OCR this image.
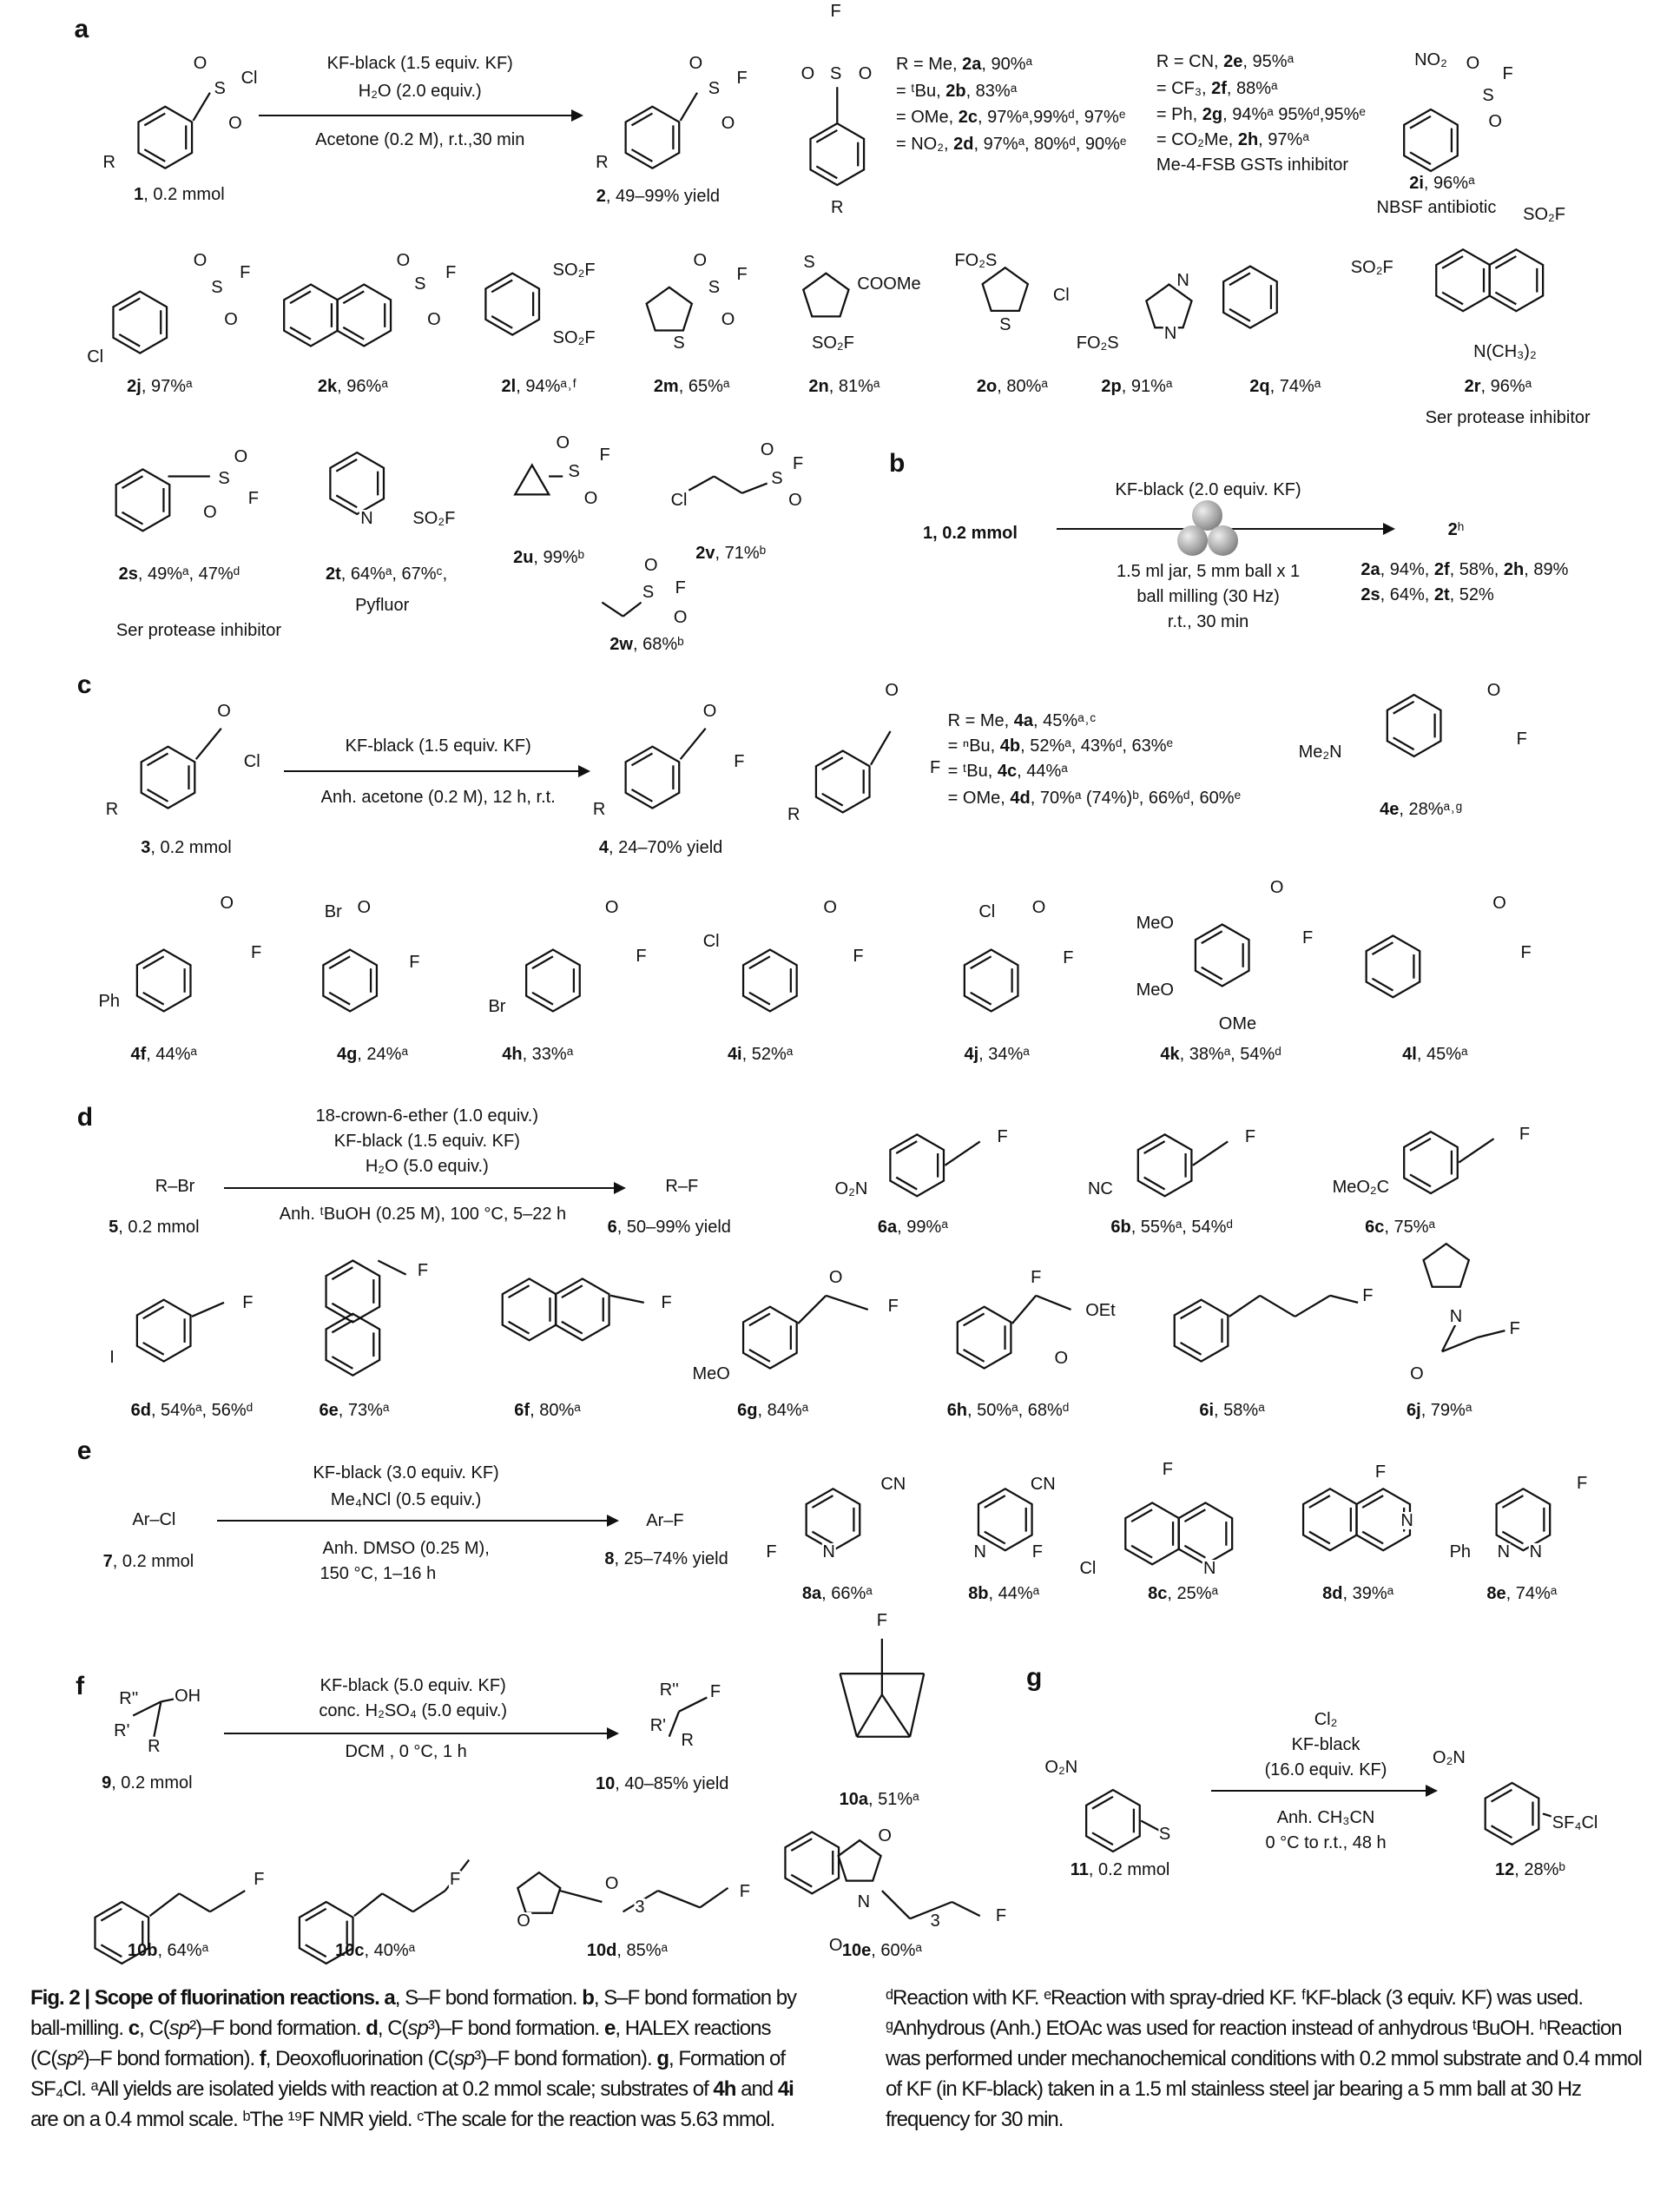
O
S
Cl
O
R
O
S
F
O
R
F
O S O
R
NO₂ O
S
F
O
O
S
F
O
Cl
O
S
F
O
SO₂F
SO₂F
O
S
F
O
S
S
COOMe
SO₂F
FO₂S
S
Cl
N
N
FO₂S
SO₂F
SO₂F
N(CH₃)₂
O
S
F
O	N SO₂F
O
S
F
O	Cl
O
S
F
O
O
S F
O
O
Cl
R
O
F
R
O
F
R
O
F
Me₂N
O
F
Ph
Br O
F
O
F
Br
Cl
O
F
Cl O
F
O
F
MeO
MeO
OMe
O
F
F
O₂N
F
NC
F
MeO₂C
F
I
F
F
O
F
MeO
F
OEt
O
F
N
F
O
CN
F	N
CN
N	F
F
N
Cl
F
N
F
N
N
Ph
R'' OH
R'
R
R'' F
R'
R
F
F	F
O
O
3
F
O
N
O
3	F
O₂N
S
O₂N
SF₄Cl
a
1, 0.2 mmol
KF-black (1.5 equiv. KF)
H₂O (2.0 equiv.)
Acetone (0.2 M), r.t.,30 min
2, 49–99% yield
R = Me, 2a, 90%ᵃ
= ᵗBu, 2b, 83%ᵃ
= OMe, 2c, 97%ᵃ,99%ᵈ, 97%ᵉ
= NO₂, 2d, 97%ᵃ, 80%ᵈ, 90%ᵉ
R = CN, 2e, 95%ᵃ
= CF₃, 2f, 88%ᵃ
= Ph, 2g, 94%ᵃ 95%ᵈ,95%ᵉ
= CO₂Me, 2h, 97%ᵃ
Me-4-FSB GSTs inhibitor
2i, 96%ᵃ
NBSF antibiotic
2j, 97%ᵃ	2k, 96%ᵃ	2l, 94%ᵃ˒ᶠ	2m, 65%ᵃ	2n, 81%ᵃ	2o, 80%ᵃ	2p, 91%ᵃ	2q, 74%ᵃ	2r, 96%ᵃ
Ser protease inhibitor
2s, 49%ᵃ, 47%ᵈ
Ser protease inhibitor
2t, 64%ᵃ, 67%ᶜ,
Pyfluor
2u, 99%ᵇ	2v, 71%ᵇ
2w, 68%ᵇ
b
1, 0.2 mmol
KF-black (2.0 equiv. KF)
1.5 ml jar, 5 mm ball x 1
ball milling (30 Hz)
r.t., 30 min
2ʰ
2a, 94%, 2f, 58%, 2h, 89%
2s, 64%, 2t, 52%
c
3, 0.2 mmol
KF-black (1.5 equiv. KF)
Anh. acetone (0.2 M), 12 h, r.t.
4, 24–70% yield
R = Me, 4a, 45%ᵃ˒ᶜ
= ⁿBu, 4b, 52%ᵃ, 43%ᵈ, 63%ᵉ
= ᵗBu, 4c, 44%ᵃ
= OMe, 4d, 70%ᵃ (74%)ᵇ, 66%ᵈ, 60%ᵉ
4e, 28%ᵃ˒ᵍ
4f, 44%ᵃ	4g, 24%ᵃ	4h, 33%ᵃ	4i, 52%ᵃ	4j, 34%ᵃ	4k, 38%ᵃ, 54%ᵈ	4l, 45%ᵃ
d	18-crown-6-ether (1.0 equiv.)
KF-black (1.5 equiv. KF)
H₂O (5.0 equiv.)
R–Br	R–F
Anh. ᵗBuOH (0.25 M), 100 °C, 5–22 h
5, 0.2 mmol	6, 50–99% yield	6a, 99%ᵃ	6b, 55%ᵃ, 54%ᵈ	6c, 75%ᵃ
6d, 54%ᵃ, 56%ᵈ	6e, 73%ᵃ	6f, 80%ᵃ	6g, 84%ᵃ	6h, 50%ᵃ, 68%ᵈ	6i, 58%ᵃ	6j, 79%ᵃ
e
KF-black (3.0 equiv. KF)
Me₄NCl (0.5 equiv.)
Ar–Cl	Ar–F
Anh. DMSO (0.25 M),
150 °C, 1–16 h
7, 0.2 mmol	8, 25–74% yield
8a, 66%ᵃ	8b, 44%ᵃ	8c, 25%ᵃ	8d, 39%ᵃ	8e, 74%ᵃ
f	KF-black (5.0 equiv. KF)
conc. H₂SO₄ (5.0 equiv.)
DCM , 0 °C, 1 h
9, 0.2 mmol	10, 40–85% yield
10a, 51%ᵃ
10b, 64%ᵃ	10c, 40%ᵃ	10d, 85%ᵃ	10e, 60%ᵃ
g
Cl₂
KF-black
(16.0 equiv. KF)
Anh. CH₃CN
0 °C to r.t., 48 h
11, 0.2 mmol	12, 28%ᵇ
Fig. 2 | Scope of fluorination reactions. a, S–F bond formation. b, S–F bond formation by ball-milling. c, C(sp²)–F bond formation. d, C(sp³)–F bond formation. e, HALEX reactions (C(sp²)–F bond formation). f, Deoxofluorination (C(sp³)–F bond formation). g, Formation of SF₄Cl. ᵃAll yields are isolated yields with reaction at 0.2 mmol scale; substrates of 4h and 4i are on a 0.4 mmol scale. ᵇThe ¹⁹F NMR yield. ᶜThe scale for the reaction was 5.63 mmol. ᵈReaction with KF. ᵉReaction with spray-dried KF. ᶠKF-black (3 equiv. KF) was used. ᵍAnhydrous (Anh.) EtOAc was used for reaction instead of anhydrous ᵗBuOH. ʰReaction was performed under mechanochemical conditions with 0.2 mmol substrate and 0.4 mmol of KF (in KF-black) taken in a 1.5 ml stainless steel jar bearing a 5 mm ball at 30 Hz frequency for 30 min.
